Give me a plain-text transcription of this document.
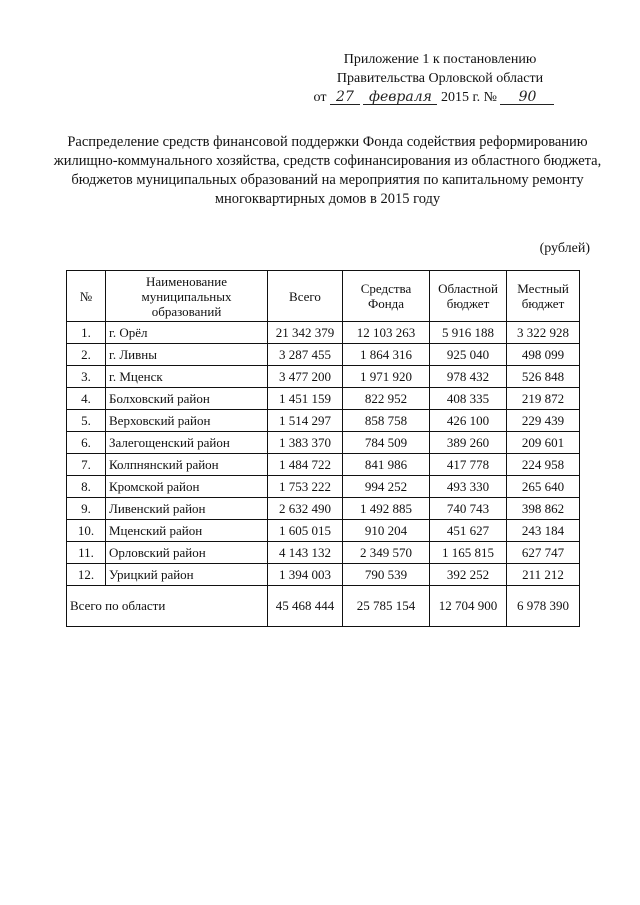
Приложение 1 к постановлению
Правительства Орловской области
от 27 февраля 2015 г. № 90
Распределение средств финансовой поддержки Фонда содействия реформированию жилищно-коммунального хозяйства, средств софинансирования из областного бюджета, бюджетов муниципальных образований на мероприятия по капитальному ремонту многоквартирных домов в 2015 году
(рублей)
№	Наименование муниципальных образований	Всего	Средства Фонда	Областной бюджет	Местный бюджет
1.	г. Орёл	21 342 379	12 103 263	5 916 188	3 322 928
2.	г. Ливны	3 287 455	1 864 316	925 040	498 099
3.	г. Мценск	3 477 200	1 971 920	978 432	526 848
4.	Болховский район	1 451 159	822 952	408 335	219 872
5.	Верховский район	1 514 297	858 758	426 100	229 439
6.	Залегощенский район	1 383 370	784 509	389 260	209 601
7.	Колпнянский район	1 484 722	841 986	417 778	224 958
8.	Кромской район	1 753 222	994 252	493 330	265 640
9.	Ливенский район	2 632 490	1 492 885	740 743	398 862
10.	Мценский район	1 605 015	910 204	451 627	243 184
11.	Орловский район	4 143 132	2 349 570	1 165 815	627 747
12.	Урицкий район	1 394 003	790 539	392 252	211 212
Всего по области		45 468 444	25 785 154	12 704 900	6 978 390
